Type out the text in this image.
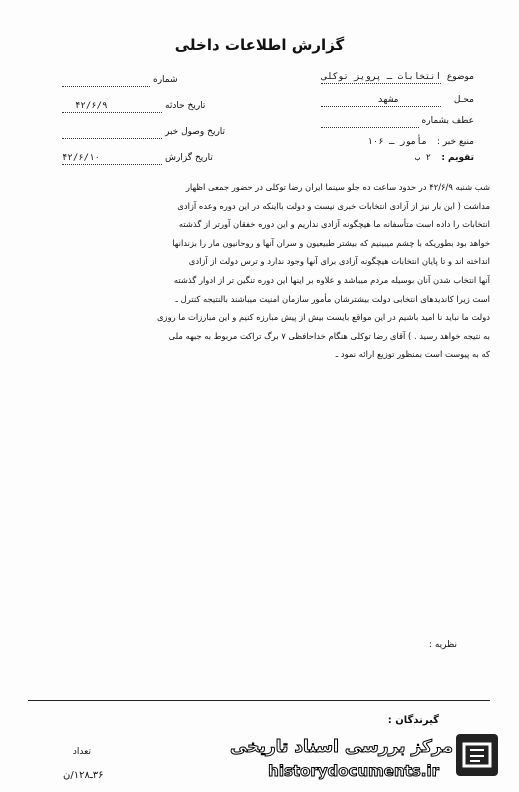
گزارش اطلاعات داخلی
موضوع
انتخابات ـ پرویز توکلی
محـل
مشهد
عطف بشماره
منبع خبر :
مأمور ـ ۱۰۶
تقویم :
۲ ب
شماره
تاریخ حادثه
۴۲/۶/۹
تاریخ وصول خبر
تاریخ گزارش
۴۲/۶/۱۰
شب شنبه ۴۲/۶/۹ در حدود ساعت ده جلو سینما ایران رضا توکلی در حضور جمعی اظهار
مداشت ( این بار نیز از آزادی انتخابات خبری نیست و دولت بااینکه در این دوره وعده آزادی
انتخابات را داده است متأسفانه ما هیچگونه آزادی نداریم و این دوره خفقان آورتر از گذشته
خواهد بود بطوریکه با چشم میبینیم که بیشتر طبیعیون و سران آنها و روحانیون مار را بزندانها
انداخته اند و تا پایان انتخابات هیچگونه آزادی برای آنها وجود ندارد و ترس دولت از آزادی
آنها انتخاب شدن آنان بوسیله مردم میباشد و علاوه بر اینها این دوره تنگین تر از ادوار گذشته
است زیرا کاندیدهای انتخابی دولت بیشترشان مأمور سازمان امنیت میباشند بالنتیجه کنترل ـ
دولت ما نباید نا امید باشیم در این مواقع بایست بیش از پیش مبارزه کنیم و این مبارزات ما روزی
به نتیجه خواهد رسید . ) آقای رضا توکلی هنگام خداحافظی ۷ برگ تراکت مربوط به جبهه ملی
که به پیوست است بمنظور توزیع ارائه نمود ـ
نظریه :
گیرندگان :
تعداد
۳۶ـ۱۲۸/ن
مرکز بررسی اسناد تاریخی
historydocuments.ir
